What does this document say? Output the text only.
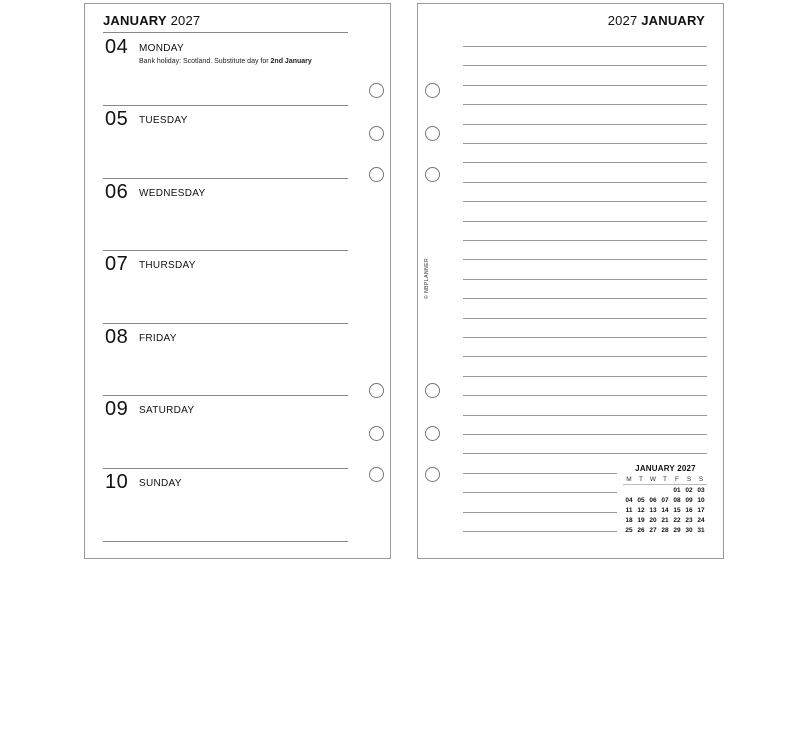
JANUARY 2027
04 MONDAY
Bank holiday: Scotland. Substitute day for 2nd January
05 TUESDAY
06 WEDNESDAY
07 THURSDAY
08 FRIDAY
09 SATURDAY
10 SUNDAY
2027 JANUARY
© NBPLANNER
JANUARY 2027
M	T	W	T	F	S	S
				01	02	03
04	05	06	07	08	09	10
11	12	13	14	15	16	17
18	19	20	21	22	23	24
25	26	27	28	29	30	31
